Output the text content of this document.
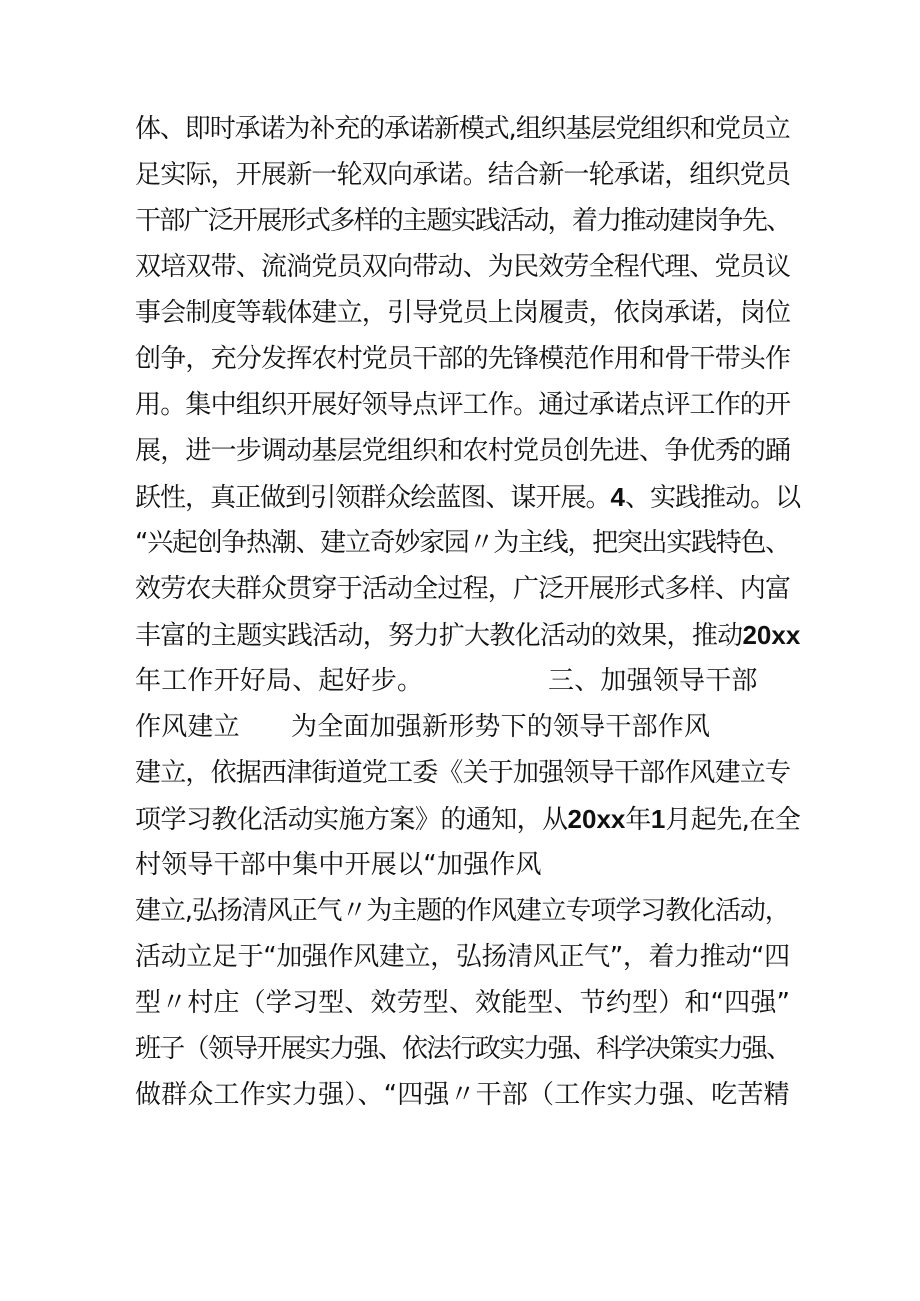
体、即时承诺为补充的承诺新模式,组织基层党组织和党员立
足实际，开展新一轮双向承诺。结合新一轮承诺，组织党员
干部广泛开展形式多样的主题实践活动，着力推动建岗争先、
双培双带、流淌党员双向带动、为民效劳全程代理、党员议
事会制度等载体建立，引导党员上岗履责，依岗承诺，岗位
创争，充分发挥农村党员干部的先锋模范作用和骨干带头作
用。集中组织开展好领导点评工作。通过承诺点评工作的开
展，进一步调动基层党组织和农村党员创先进、争优秀的踊
跃性，真正做到引领群众绘蓝图、谋开展。4、实践推动。以
“兴起创争热潮、建立奇妙家园〃为主线，把突出实践特色、
效劳农夫群众贯穿于活动全过程，广泛开展形式多样、内富
丰富的主题实践活动，努力扩大教化活动的效果，推动20xx
年工作开好局、起好步。	三、加强领导干部
作风建立 为全面加强新形势下的领导干部作风
建立，依据西津街道党工委《关于加强领导干部作风建立专
项学习教化活动实施方案》的通知，从20xx年1月起先,在全
村领导干部中集中开展以“加强作风
建立,弘扬清风正气〃为主题的作风建立专项学习教化活动，
活动立足于“加强作风建立，弘扬清风正气”，着力推动“四
型〃村庄（学习型、效劳型、效能型、节约型）和“四强”
班子（领导开展实力强、依法行政实力强、科学决策实力强、
做群众工作实力强）、“四强〃干部（工作实力强、吃苦精
